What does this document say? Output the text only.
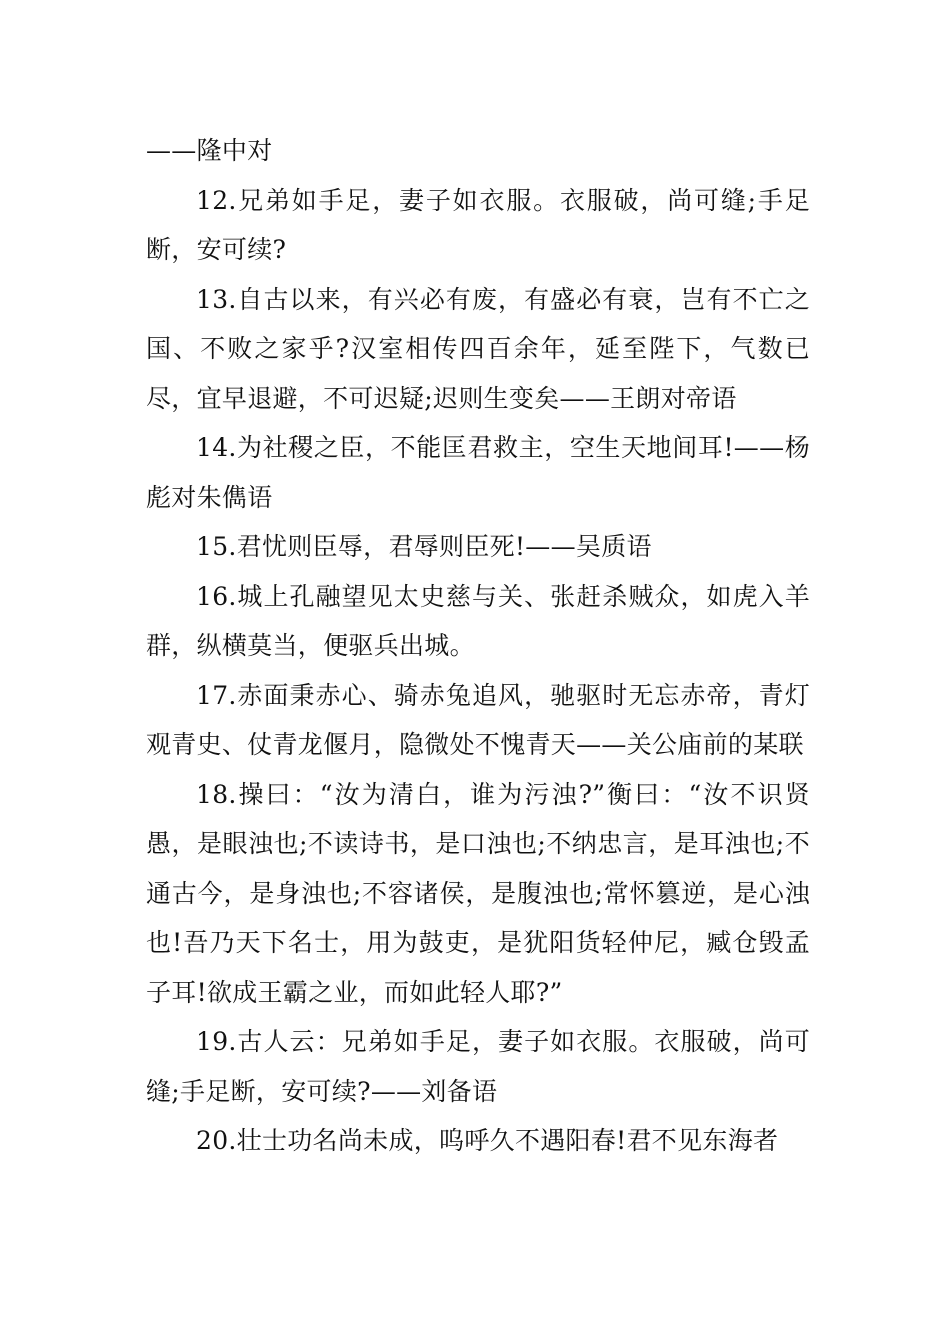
——隆中对

12.兄弟如手足，妻子如衣服。衣服破，尚可缝;手足断，安可续?

13.自古以来，有兴必有废，有盛必有衰，岂有不亡之国、不败之家乎?汉室相传四百余年，延至陛下，气数已尽，宜早退避，不可迟疑;迟则生变矣——王朗对帝语

14.为社稷之臣，不能匡君救主，空生天地间耳!——杨彪对朱儁语

15.君忧则臣辱，君辱则臣死!——吴质语

16.城上孔融望见太史慈与关、张赶杀贼众，如虎入羊群，纵横莫当，便驱兵出城。

17.赤面秉赤心、骑赤兔追风，驰驱时无忘赤帝，青灯观青史、仗青龙偃月，隐微处不愧青天——关公庙前的某联

18.操曰：“汝为清白，谁为污浊?”衡曰：“汝不识贤愚，是眼浊也;不读诗书，是口浊也;不纳忠言，是耳浊也;不通古今，是身浊也;不容诸侯，是腹浊也;常怀篡逆，是心浊也!吾乃天下名士，用为鼓吏，是犹阳货轻仲尼，臧仓毁孟子耳!欲成王霸之业，而如此轻人耶?”

19.古人云：兄弟如手足，妻子如衣服。衣服破，尚可缝;手足断，安可续?——刘备语

20.壮士功名尚未成，呜呼久不遇阳春!君不见东海者
